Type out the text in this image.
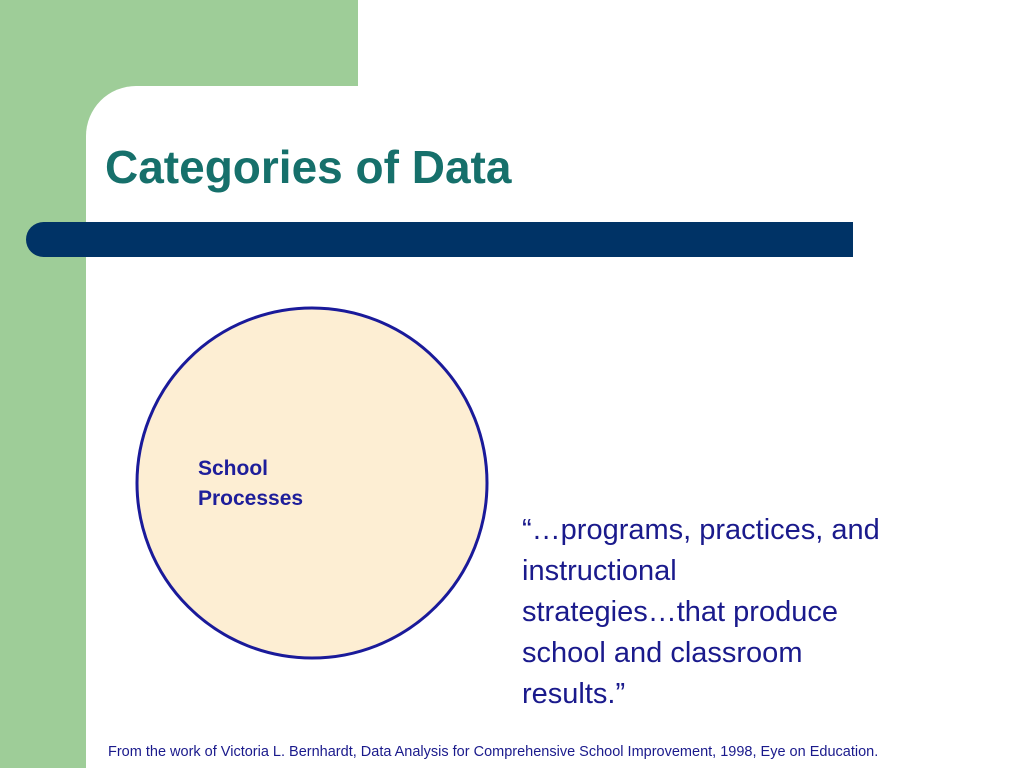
Categories of Data
School
Processes
“…programs, practices, and
instructional
strategies…that produce
school and classroom
results.”
From the work of Victoria L. Bernhardt, Data Analysis for Comprehensive School Improvement, 1998, Eye on Education.
